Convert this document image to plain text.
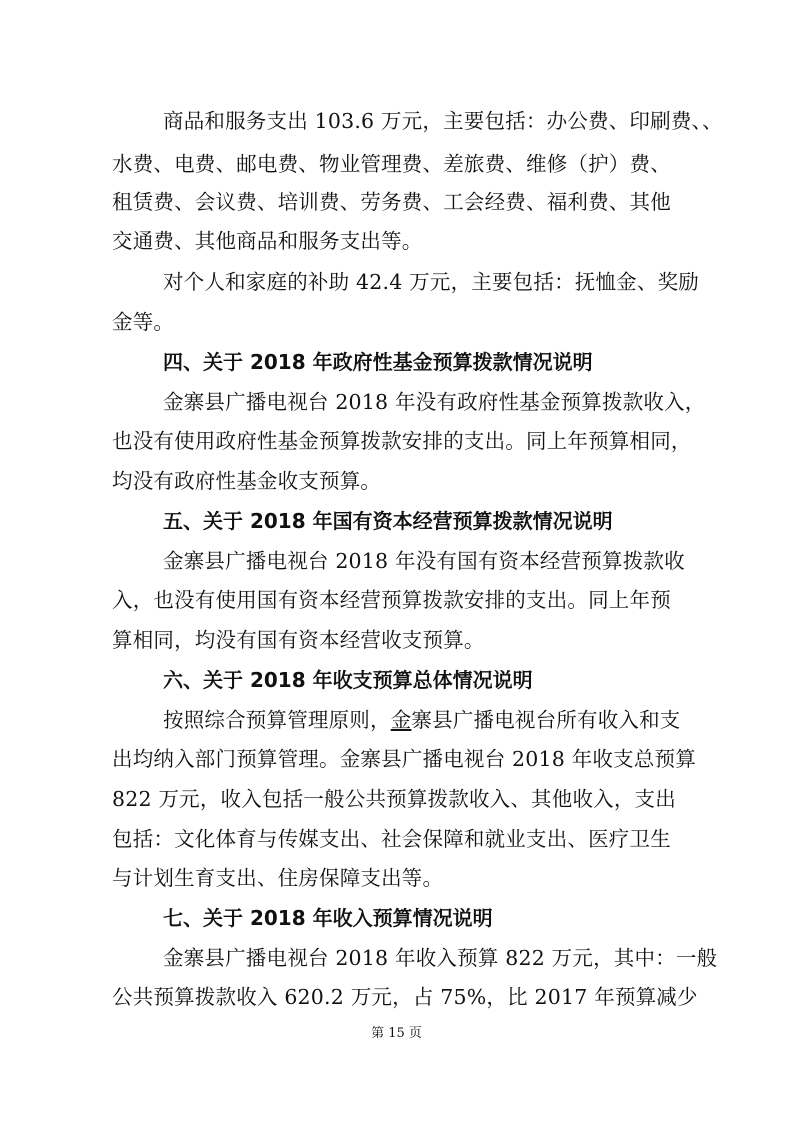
商品和服务支出 103.6 万元，主要包括：办公费、印刷费、、
水费、电费、邮电费、物业管理费、差旅费、维修（护）费、
租赁费、会议费、培训费、劳务费、工会经费、福利费、其他
交通费、其他商品和服务支出等。
对个人和家庭的补助 42.4 万元，主要包括：抚恤金、奖励
金等。
四、关于 2018 年政府性基金预算拨款情况说明
金寨县广播电视台 2018 年没有政府性基金预算拨款收入，
也没有使用政府性基金预算拨款安排的支出。同上年预算相同，
均没有政府性基金收支预算。
五、关于 2018 年国有资本经营预算拨款情况说明
金寨县广播电视台 2018 年没有国有资本经营预算拨款收
入，也没有使用国有资本经营预算拨款安排的支出。同上年预
算相同，均没有国有资本经营收支预算。
六、关于 2018 年收支预算总体情况说明
按照综合预算管理原则，金寨县广播电视台所有收入和支
出均纳入部门预算管理。金寨县广播电视台 2018 年收支总预算
822 万元，收入包括一般公共预算拨款收入、其他收入，支出
包括：文化体育与传媒支出、社会保障和就业支出、医疗卫生
与计划生育支出、住房保障支出等。
七、关于 2018 年收入预算情况说明
金寨县广播电视台 2018 年收入预算 822 万元，其中：一般
公共预算拨款收入 620.2 万元，占 75%，比 2017 年预算减少
第 15 页
